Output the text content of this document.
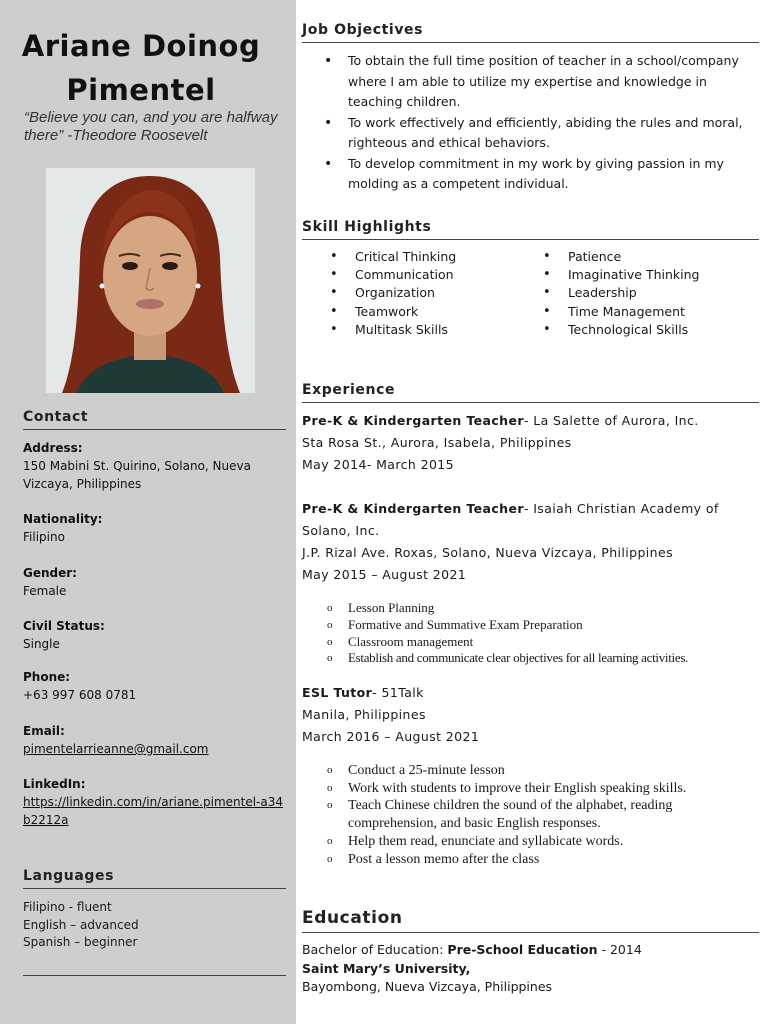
Ariane Doinog
Pimentel
“Believe you can, and you are halfway there” -Theodore Roosevelt
Contact
Address:
150 Mabini St. Quirino, Solano, Nueva Vizcaya, Philippines
Nationality:
Filipino
Gender:
Female
Civil Status:
Single
Phone:
+63 997 608 0781
Email:
pimentelarrieanne@gmail.com
LinkedIn:
https://linkedin.com/in/ariane.pimentel-a34b2212a
Languages
Filipino - fluent
English – advanced
Spanish – beginner
Job Objectives
• To obtain the full time position of teacher in a school/company where I am able to utilize my expertise and knowledge in teaching children.
• To work effectively and efficiently, abiding the rules and moral, righteous and ethical behaviors.
• To develop commitment in my work by giving passion in my molding as a competent individual.
Skill Highlights
• Critical Thinking
• Communication
• Organization
• Teamwork
• Multitask Skills
• Patience
• Imaginative Thinking
• Leadership
• Time Management
• Technological Skills
Experience
Pre-K & Kindergarten Teacher- La Salette of Aurora, Inc.
Sta Rosa St., Aurora, Isabela, Philippines
May 2014- March 2015
Pre-K & Kindergarten Teacher- Isaiah Christian Academy of Solano, Inc.
J.P. Rizal Ave. Roxas, Solano, Nueva Vizcaya, Philippines
May 2015 – August 2021
o Lesson Planning
o Formative and Summative Exam Preparation
o Classroom management
o Establish and communicate clear objectives for all learning activities.
ESL Tutor- 51Talk
Manila, Philippines
March 2016 – August 2021
o Conduct a 25-minute lesson
o Work with students to improve their English speaking skills.
o Teach Chinese children the sound of the alphabet, reading comprehension, and basic English responses.
o Help them read, enunciate and syllabicate words.
o Post a lesson memo after the class
Education
Bachelor of Education: Pre-School Education - 2014
Saint Mary’s University,
Bayombong, Nueva Vizcaya, Philippines
